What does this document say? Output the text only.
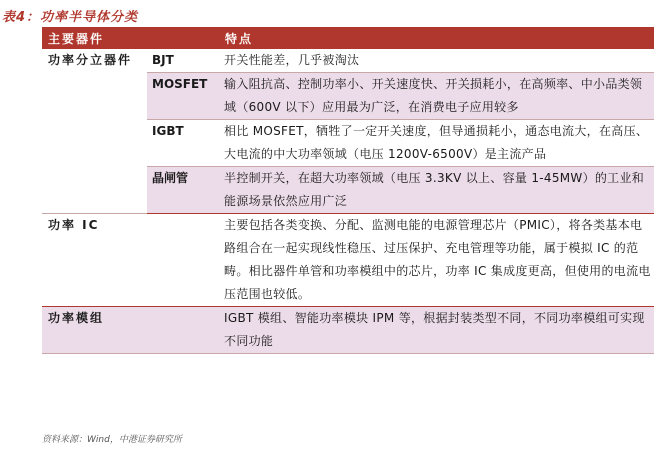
表4：功率半导体分类
主要器件		特点
功率分立器件	BJT	开关性能差，几乎被淘汰
	MOSFET	输入阻抗高、控制功率小、开关速度快、开关损耗小，在高频率、中小品类领域（600V 以下）应用最为广泛，在消费电子应用较多
	IGBT	相比 MOSFET，牺牲了一定开关速度，但导通损耗小，通态电流大，在高压、大电流的中大功率领域（电压 1200V-6500V）是主流产品
	晶闸管	半控制开关，在超大功率领域（电压 3.3KV 以上、容量 1-45MW）的工业和能源场景依然应用广泛
功率 IC		主要包括各类变换、分配、监测电能的电源管理芯片（PMIC），将各类基本电路组合在一起实现线性稳压、过压保护、充电管理等功能，属于模拟 IC 的范畴。相比器件单管和功率模组中的芯片，功率 IC 集成度更高，但使用的电流电压范围也较低。
功率模组		IGBT 模组、智能功率模块 IPM 等，根据封装类型不同，不同功率模组可实现不同功能
资料来源：Wind，中港证券研究所
